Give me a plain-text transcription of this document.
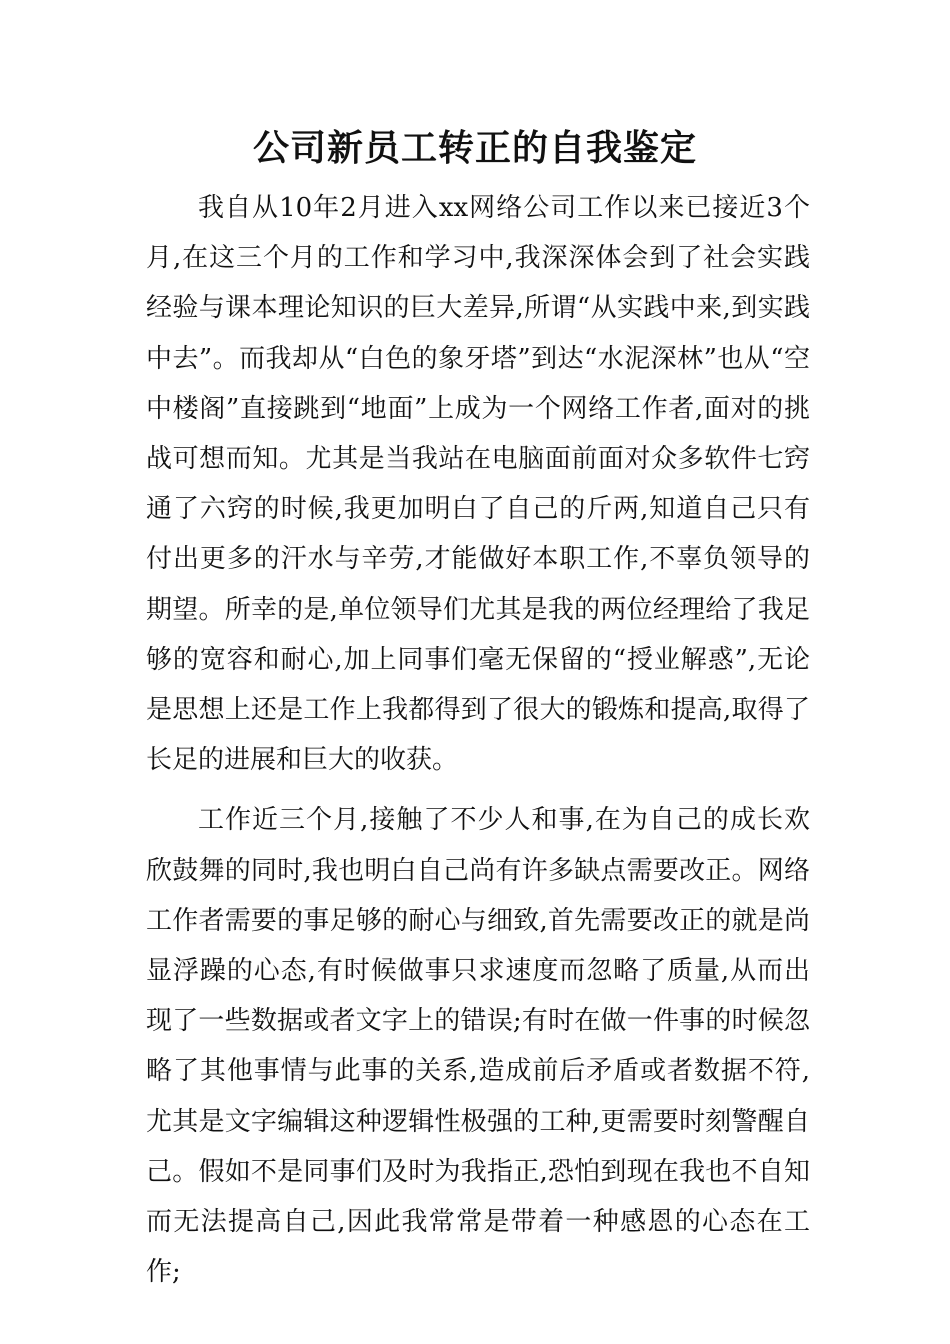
公司新员工转正的自我鉴定

我自从10年2月进入xx网络公司工作以来已接近3个月,在这三个月的工作和学习中,我深深体会到了社会实践经验与课本理论知识的巨大差异,所谓“从实践中来,到实践中去”。而我却从“白色的象牙塔”到达“水泥深林”也从“空中楼阁”直接跳到“地面”上成为一个网络工作者,面对的挑战可想而知。尤其是当我站在电脑面前面对众多软件七窍通了六窍的时候,我更加明白了自己的斤两,知道自己只有付出更多的汗水与辛劳,才能做好本职工作,不辜负领导的期望。所幸的是,单位领导们尤其是我的两位经理给了我足够的宽容和耐心,加上同事们毫无保留的“授业解惑”,无论是思想上还是工作上我都得到了很大的锻炼和提高,取得了长足的进展和巨大的收获。

工作近三个月,接触了不少人和事,在为自己的成长欢欣鼓舞的同时,我也明白自己尚有许多缺点需要改正。网络工作者需要的事足够的耐心与细致,首先需要改正的就是尚显浮躁的心态,有时候做事只求速度而忽略了质量,从而出现了一些数据或者文字上的错误;有时在做一件事的时候忽略了其他事情与此事的关系,造成前后矛盾或者数据不符,尤其是文字编辑这种逻辑性极强的工种,更需要时刻警醒自己。假如不是同事们及时为我指正,恐怕到现在我也不自知而无法提高自己,因此我常常是带着一种感恩的心态在工作;
